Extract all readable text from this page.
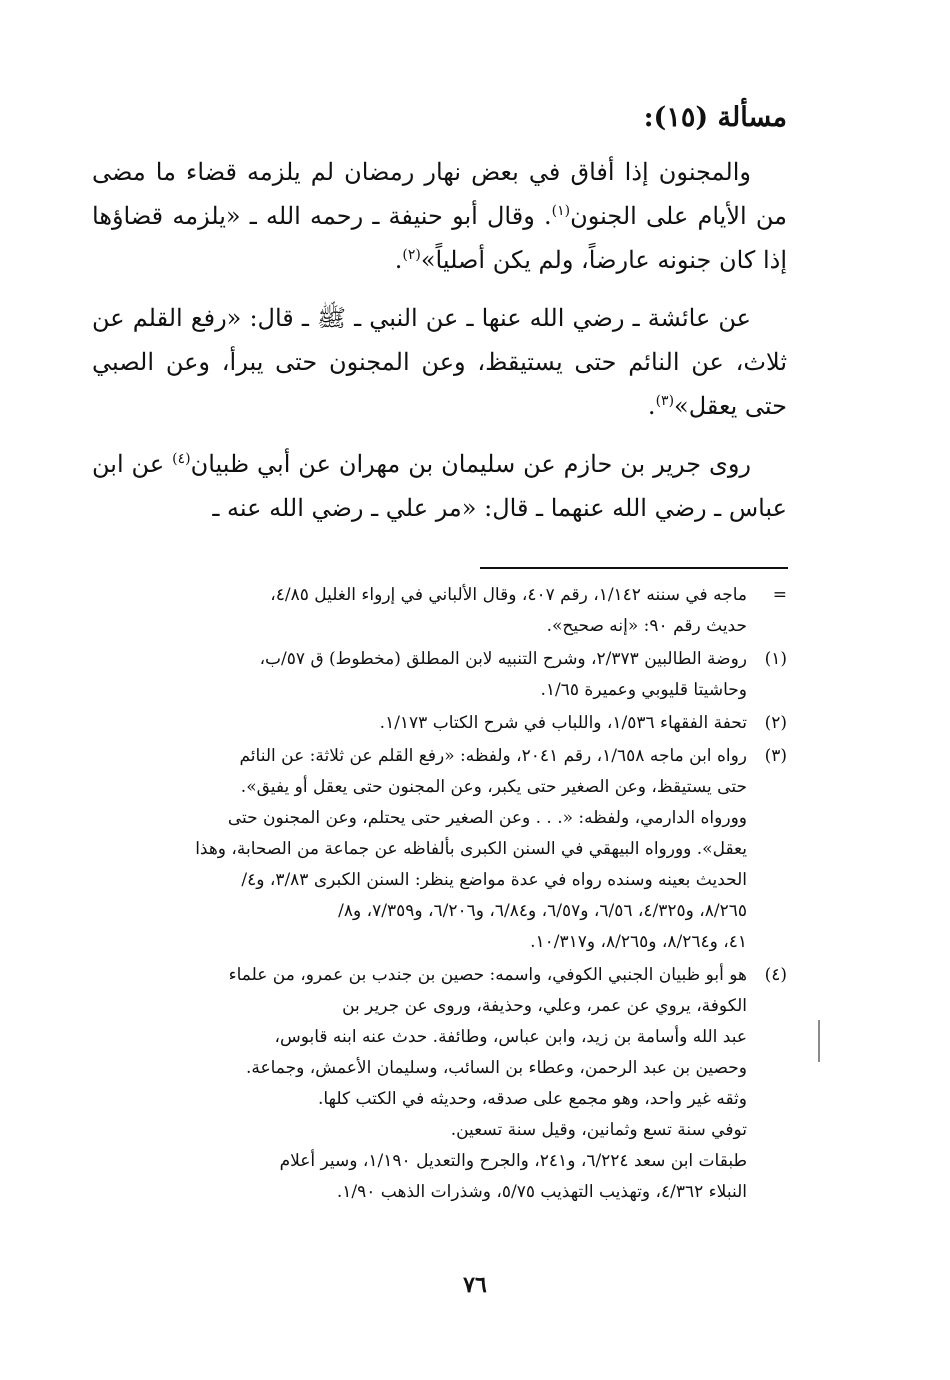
مسألة (١٥):

والمجنون إذا أفاق في بعض نهار رمضان لم يلزمه قضاء ما مضى من الأيام على الجنون$^{(١)}$. وقال أبو حنيفة ـ رحمه الله ـ «يلزمه قضاؤها إذا كان جنونه عارضاً، ولم يكن أصلياً»$^{(٢)}$.

عن عائشة ـ رضي الله عنها ـ عن النبي ـ ﷺ ـ قال: «رفع القلم عن ثلاث، عن النائم حتى يستيقظ، وعن المجنون حتى يبرأ، وعن الصبي حتى يعقل»$^{(٣)}$.

روى جرير بن حازم عن سليمان بن مهران عن أبي ظبيان$^{(٤)}$ عن ابن عباس ـ رضي الله عنهما ـ قال: «مر علي ـ رضي الله عنه ـ

=
ماجه في سننه ١/١٤٢، رقم ٤٠٧، وقال الألباني في إرواء الغليل ٤/٨٥،
حديث رقم ٩٠: «إنه صحيح».
(١)
روضة الطالبين ٢/٣٧٣، وشرح التنبيه لابن المطلق (مخطوط) ق ٥٧/ب،
وحاشيتا قليوبي وعميرة ١/٦٥.
(٢)
تحفة الفقهاء ١/٥٣٦، واللباب في شرح الكتاب ١/١٧٣.
(٣)
رواه ابن ماجه ١/٦٥٨، رقم ٢٠٤١، ولفظه: «رفع القلم عن ثلاثة: عن النائم
حتى يستيقظ، وعن الصغير حتى يكبر، وعن المجنون حتى يعقل أو يفيق».
وورواه الدارمي، ولفظه: «. . . وعن الصغير حتى يحتلم، وعن المجنون حتى
يعقل». وورواه البيهقي في السنن الكبرى بألفاظه عن جماعة من الصحابة، وهذا
الحديث بعينه وسنده رواه في عدة مواضع ينظر: السنن الكبرى ٣/٨٣، و٤/
٨/٢٦٥، و٤/٣٢٥، ٦/٥٦، و٦/٥٧، و٦/٨٤، و٦/٢٠٦، و٧/٣٥٩، و٨/
٤١، و٨/٢٦٤، و٨/٢٦٥، و١٠/٣١٧.
(٤)
هو أبو ظبيان الجنبي الكوفي، واسمه: حصين بن جندب بن عمرو، من علماء
الكوفة، يروي عن عمر، وعلي، وحذيفة، وروى عن جرير بن
عبد الله وأسامة بن زيد، وابن عباس، وطائفة. حدث عنه ابنه قابوس،
وحصين بن عبد الرحمن، وعطاء بن السائب، وسليمان الأعمش، وجماعة.
وثقه غير واحد، وهو مجمع على صدقه، وحديثه في الكتب كلها.
توفي سنة تسع وثمانين، وقيل سنة تسعين.
طبقات ابن سعد ٦/٢٢٤، و٢٤١، والجرح والتعديل ١/١٩٠، وسير أعلام
النبلاء ٤/٣٦٢، وتهذيب التهذيب ٥/٧٥، وشذرات الذهب ١/٩٠.
٧٦
